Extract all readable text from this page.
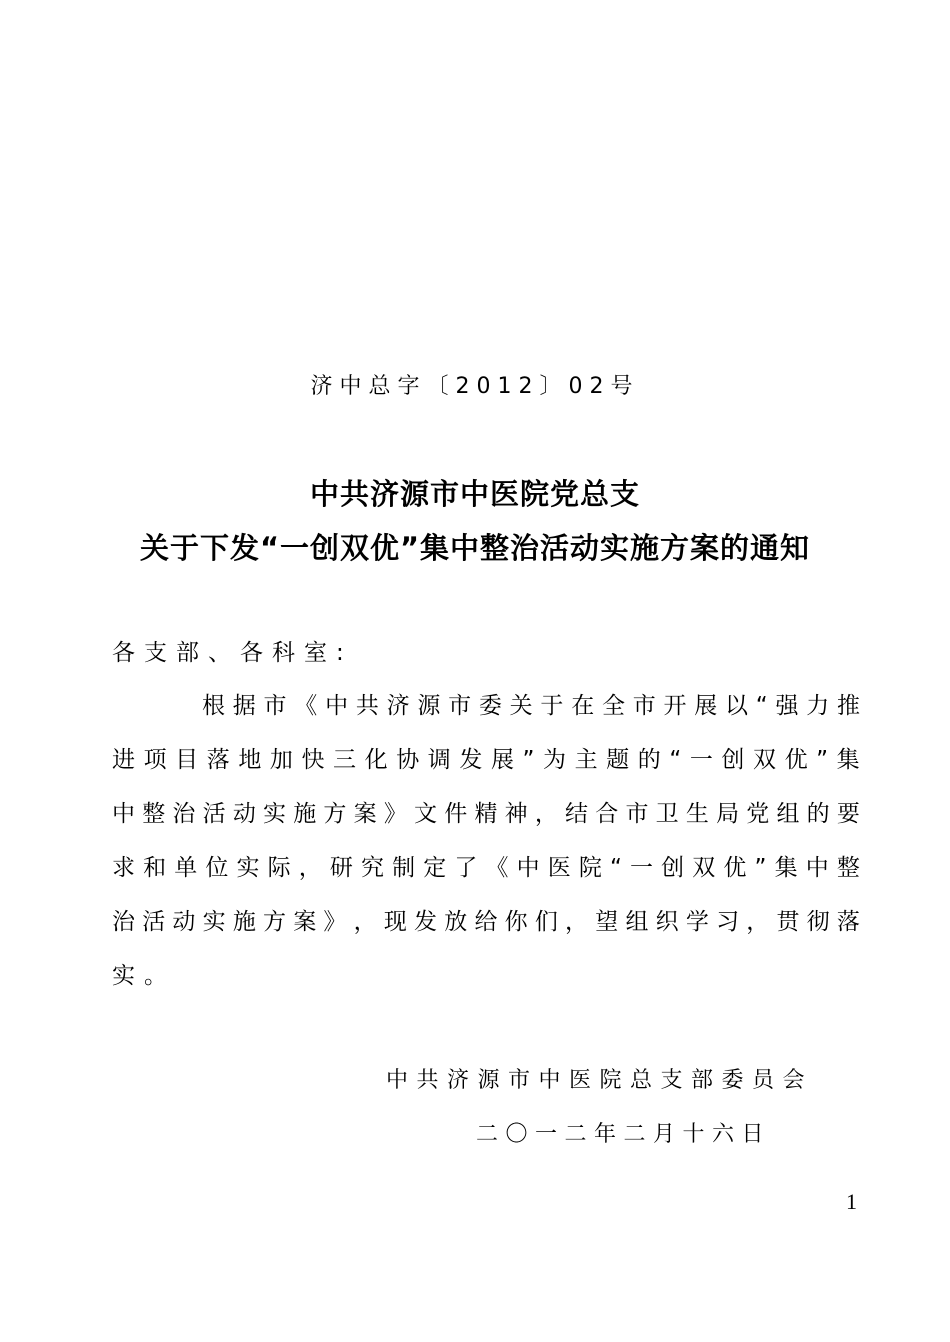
济中总字〔2012〕02号
中共济源市中医院党总支
关于下发“一创双优”集中整治活动实施方案的通知
各支部、各科室:
根 据 市 《 中 共 济 源 市 委 关 于 在 全 市 开 展 以 “ 强 力 推
进 项 目 落 地 加 快 三 化 协 调 发 展 ” 为 主 题 的 “ 一 创 双 优 ” 集
中 整 治 活 动 实 施 方 案 》 文 件 精 神 ， 结 合 市 卫 生 局 党 组 的 要
求 和 单 位 实 际 ， 研 究 制 定 了 《 中 医 院 “ 一 创 双 优 ” 集 中 整
治 活 动 实 施 方 案 》 ， 现 发 放 给 你 们 ， 望 组 织 学 习 ， 贯 彻 落
实。
中共济源市中医院总支部委员会
二〇一二年二月十六日
1
